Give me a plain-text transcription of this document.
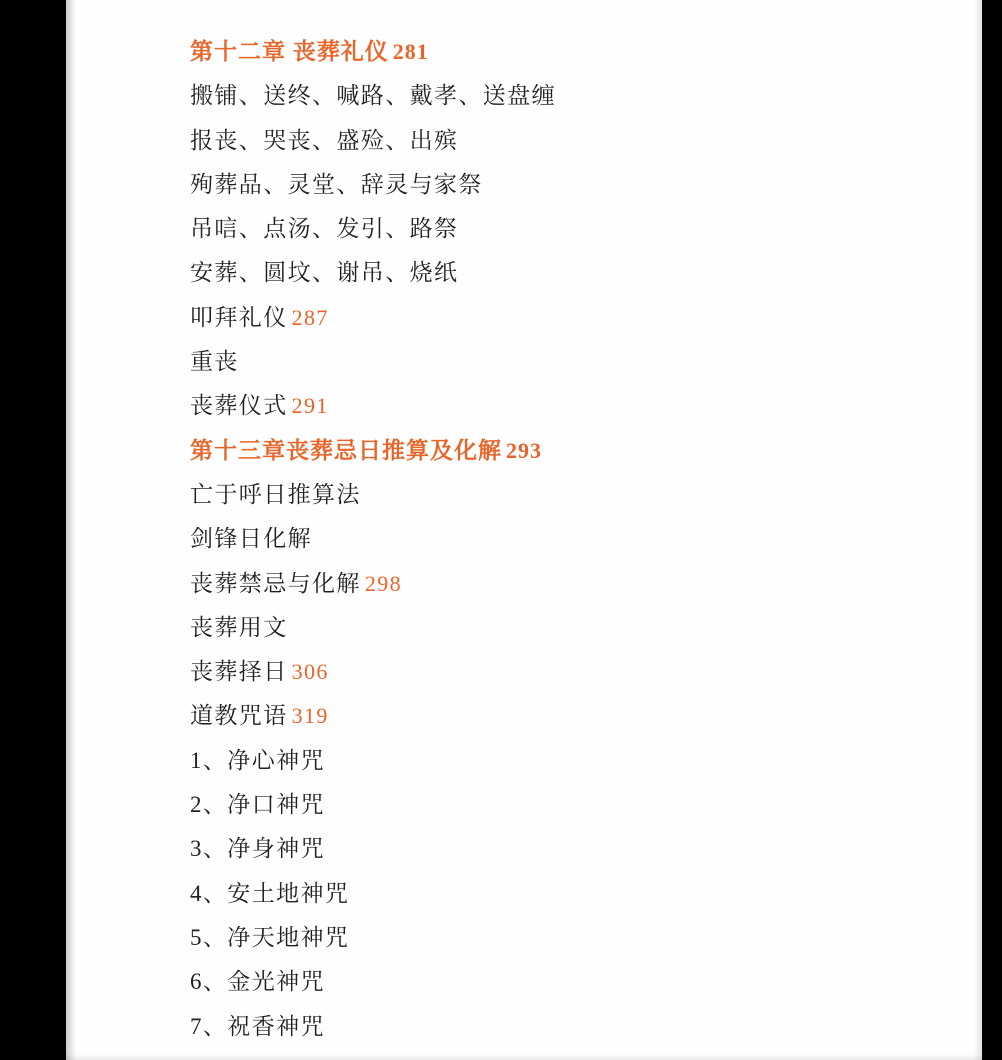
第十二章 丧葬礼仪 281
搬铺、送终、喊路、戴孝、送盘缠
报丧、哭丧、盛殓、出殡
殉葬品、灵堂、辞灵与家祭
吊唁、点汤、发引、路祭
安葬、圆坟、谢吊、烧纸
叩拜礼仪 287
重丧
丧葬仪式 291
第十三章丧葬忌日推算及化解 293
亡于呼日推算法
剑锋日化解
丧葬禁忌与化解 298
丧葬用文
丧葬择日 306
道教咒语 319
1、净心神咒
2、净口神咒
3、净身神咒
4、安土地神咒
5、净天地神咒
6、金光神咒
7、祝香神咒
